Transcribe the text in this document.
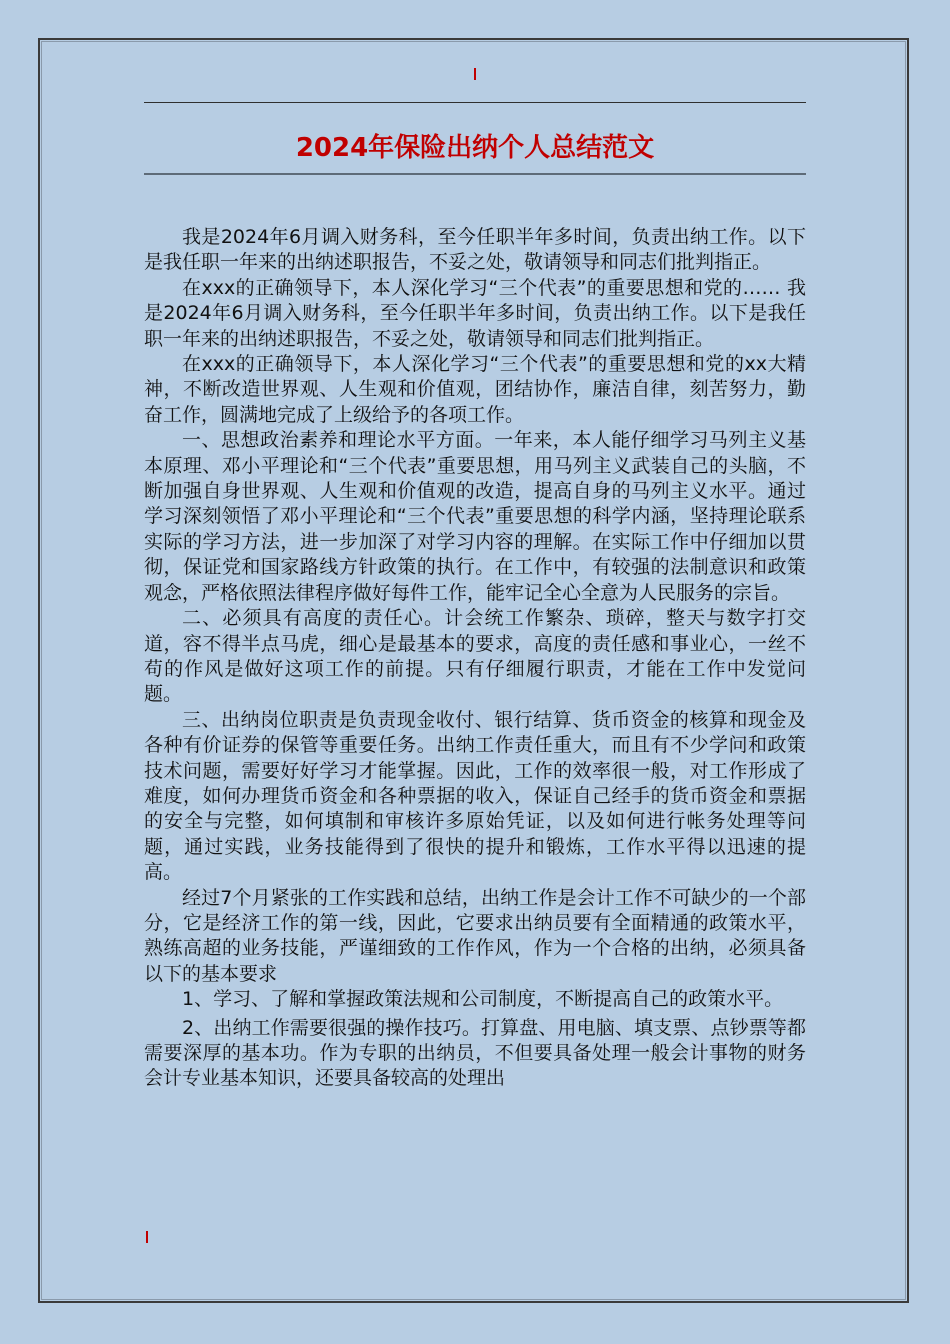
2024年保险出纳个人总结范文

我是2024年6月调入财务科，至今任职半年多时间，负责出纳工作。以下是我任职一年来的出纳述职报告，不妥之处，敬请领导和同志们批判指正。

在xxx的正确领导下，本人深化学习“三个代表”的重要思想和党的…… 我是2024年6月调入财务科，至今任职半年多时间，负责出纳工作。以下是我任职一年来的出纳述职报告，不妥之处，敬请领导和同志们批判指正。

在xxx的正确领导下，本人深化学习“三个代表”的重要思想和党的xx大精神，不断改造世界观、人生观和价值观，团结协作，廉洁自律，刻苦努力，勤奋工作，圆满地完成了上级给予的各项工作。

一、思想政治素养和理论水平方面。一年来，本人能仔细学习马列主义基本原理、邓小平理论和“三个代表”重要思想，用马列主义武装自己的头脑，不断加强自身世界观、人生观和价值观的改造，提高自身的马列主义水平。通过学习深刻领悟了邓小平理论和“三个代表”重要思想的科学内涵，坚持理论联系实际的学习方法，进一步加深了对学习内容的理解。在实际工作中仔细加以贯彻，保证党和国家路线方针政策的执行。在工作中，有较强的法制意识和政策观念，严格依照法律程序做好每件工作，能牢记全心全意为人民服务的宗旨。

二、必须具有高度的责任心。计会统工作繁杂、琐碎，整天与数字打交道，容不得半点马虎，细心是最基本的要求，高度的责任感和事业心，一丝不苟的作风是做好这项工作的前提。只有仔细履行职责，才能在工作中发觉问题。

三、出纳岗位职责是负责现金收付、银行结算、货币资金的核算和现金及各种有价证券的保管等重要任务。出纳工作责任重大，而且有不少学问和政策技术问题，需要好好学习才能掌握。因此，工作的效率很一般，对工作形成了难度，如何办理货币资金和各种票据的收入，保证自己经手的货币资金和票据的安全与完整，如何填制和审核许多原始凭证，以及如何进行帐务处理等问题，通过实践，业务技能得到了很快的提升和锻炼，工作水平得以迅速的提高。

经过7个月紧张的工作实践和总结，出纳工作是会计工作不可缺少的一个部分，它是经济工作的第一线，因此，它要求出纳员要有全面精通的政策水平，熟练高超的业务技能，严谨细致的工作作风，作为一个合格的出纳，必须具备以下的基本要求

1、学习、了解和掌握政策法规和公司制度，不断提高自己的政策水平。

2、出纳工作需要很强的操作技巧。打算盘、用电脑、填支票、点钞票等都需要深厚的基本功。作为专职的出纳员，不但要具备处理一般会计事物的财务会计专业基本知识，还要具备较高的处理出
